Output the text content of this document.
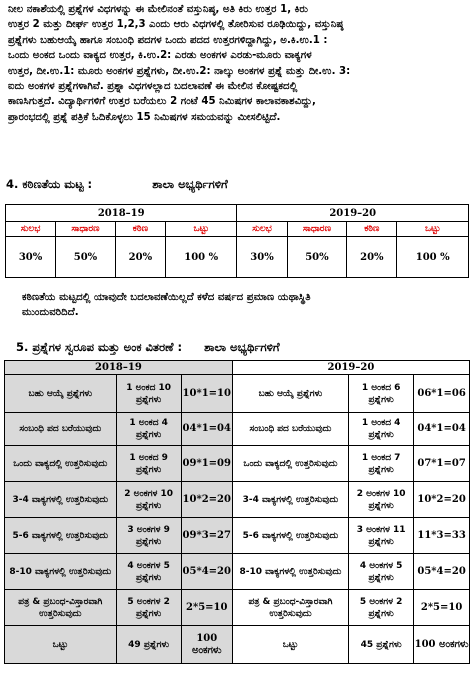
ನೀಲ ನಕಾಶೆಯಲ್ಲಿ ಪ್ರಶ್ನೆಗಳ ವಿಧಗಳನ್ನು ಈ ಮೇಲಿನಂತೆ ವಸ್ತುನಿಷ್ಠ, ಅತಿ ಕಿರು ಉತ್ತರ 1, ಕಿರು
ಉತ್ತರ 2 ಮತ್ತು ದೀರ್ಘ ಉತ್ತರ 1,2,3 ಎಂದು ಆರು ವಿಧಗಳಲ್ಲಿ ತೋರಿಸುವ ರೂಢಿಯಿದ್ದು, ವಸ್ತುನಿಷ್ಠ
ಪ್ರಶ್ನೆಗಳು ಬಹುಆಯ್ಕೆ ಹಾಗೂ ಸಂಬಂಧಿ ಪದಗಳ ಒಂದು ಪದದ ಉತ್ತರಗಳಿದ್ದಾಗಿದ್ದು, ಅ.ಕಿ.ಉ.1 :
ಒಂದು ಅಂಕದ ಒಂದು ವಾಕ್ಯದ ಉತ್ತರ, ಕಿ.ಉ.2: ಎರಡು ಅಂಕಗಳ ಎರಡು-ಮೂರು ವಾಕ್ಯಗಳ
ಉತ್ತರ, ದೀ.ಉ.1: ಮೂರು ಅಂಕಗಳ ಪ್ರಶ್ನೆಗಳು, ದೀ.ಉ.2: ನಾಲ್ಕು ಅಂಕಗಳ ಪ್ರಶ್ನೆ ಮತ್ತು ದೀ.ಉ. 3:
ಐದು ಅಂಕಗಳ ಪ್ರಶ್ನೆಗಳಾಗಿವೆ. ಪ್ರಶ್ನಾ ವಿಧಗಳಲ್ಲಾದ ಬದಲಾವಣೆ ಈ ಮೇಲಿನ ಕೋಷ್ಟಕದಲ್ಲಿ
ಕಾಣಸಿಗುತ್ತದೆ. ವಿದ್ಯಾರ್ಥಿಗಳಿಗೆ ಉತ್ತರ ಬರೆಯಲು 2 ಗಂಟೆ 45 ನಿಮಿಷಗಳ ಕಾಲಾವಕಾಶವಿದ್ದು,
ಪ್ರಾರಂಭದಲ್ಲಿ ಪ್ರಶ್ನೆ ಪತ್ರಿಕೆ ಓದಿಕೊಳ್ಳಲು 15 ನಿಮಿಷಗಳ ಸಮಯವನ್ನು ಮೀಸಲಿಟ್ಟಿದೆ.
4. ಕಠಿಣತೆಯ ಮಟ್ಟ :	ಶಾಲಾ ಅಭ್ಯರ್ಥಿಗಳಿಗೆ
2018–19				2019–20			
ಸುಲಭ	ಸಾಧಾರಣ	ಕಠಿಣ	ಒಟ್ಟು	ಸುಲಭ	ಸಾಧಾರಣ	ಕಠಿಣ	ಒಟ್ಟು
30%	50%	20%	100 %	30%	50%	20%	100 %
ಕಠಿಣತೆಯ ಮಟ್ಟದಲ್ಲಿ ಯಾವುದೇ ಬದಲಾವಣೆಯಿಲ್ಲದೆ ಕಳೆದ ವರ್ಷದ ಪ್ರಮಾಣ ಯಥಾಸ್ಥಿತಿ
ಮುಂದುವರಿದಿದೆ.
5. ಪ್ರಶ್ನೆಗಳ ಸ್ವರೂಪ ಮತ್ತು ಅಂಕ ವಿತರಣೆ : ಶಾಲಾ ಅಭ್ಯರ್ಥಿಗಳಿಗೆ
2018–19			2019–20		
ಬಹು ಆಯ್ಕೆ ಪ್ರಶ್ನೆಗಳು	1 ಅಂಕದ 10 ಪ್ರಶ್ನೆಗಳು	10*1=10	ಬಹು ಆಯ್ಕೆ ಪ್ರಶ್ನೆಗಳು	1 ಅಂಕದ 6 ಪ್ರಶ್ನೆಗಳು	06*1=06
ಸಂಬಂಧಿ ಪದ ಬರೆಯುವುದು	1 ಅಂಕದ 4 ಪ್ರಶ್ನೆಗಳು	04*1=04	ಸಂಬಂಧಿ ಪದ ಬರೆಯುವುದು	1 ಅಂಕದ 4 ಪ್ರಶ್ನೆಗಳು	04*1=04
ಒಂದು ವಾಕ್ಯದಲ್ಲಿ ಉತ್ತರಿಸುವುದು	1 ಅಂಕದ 9 ಪ್ರಶ್ನೆಗಳು	09*1=09	ಒಂದು ವಾಕ್ಯದಲ್ಲಿ ಉತ್ತರಿಸುವುದು	1 ಅಂಕದ 7 ಪ್ರಶ್ನೆಗಳು	07*1=07
3-4 ವಾಕ್ಯಗಳಲ್ಲಿ ಉತ್ತರಿಸುವುದು	2 ಅಂಕಗಳ 10 ಪ್ರಶ್ನೆಗಳು	10*2=20	3-4 ವಾಕ್ಯಗಳಲ್ಲಿ ಉತ್ತರಿಸುವುದು	2 ಅಂಕಗಳ 10 ಪ್ರಶ್ನೆಗಳು	10*2=20
5-6 ವಾಕ್ಯಗಳಲ್ಲಿ ಉತ್ತರಿಸುವುದು	3 ಅಂಕಗಳ 9 ಪ್ರಶ್ನೆಗಳು	09*3=27	5-6 ವಾಕ್ಯಗಳಲ್ಲಿ ಉತ್ತರಿಸುವುದು	3 ಅಂಕಗಳ 11 ಪ್ರಶ್ನೆಗಳು	11*3=33
8-10 ವಾಕ್ಯಗಳಲ್ಲಿ ಉತ್ತರಿಸುವುದು	4 ಅಂಕಗಳ 5 ಪ್ರಶ್ನೆಗಳು	05*4=20	8-10 ವಾಕ್ಯಗಳಲ್ಲಿ ಉತ್ತರಿಸುವುದು	4 ಅಂಕಗಳ 5 ಪ್ರಶ್ನೆಗಳು	05*4=20
ಪತ್ರ & ಪ್ರಬಂಧ-ವಿಸ್ತಾರವಾಗಿ ಉತ್ತರಿಸುವುದು	5 ಅಂಕಗಳ 2 ಪ್ರಶ್ನೆಗಳು	2*5=10	ಪತ್ರ & ಪ್ರಬಂಧ-ವಿಸ್ತಾರವಾಗಿ ಉತ್ತರಿಸುವುದು	5 ಅಂಕಗಳ 2 ಪ್ರಶ್ನೆಗಳು	2*5=10
ಒಟ್ಟು	49 ಪ್ರಶ್ನೆಗಳು	100 ಅಂಕಗಳು	ಒಟ್ಟು	45 ಪ್ರಶ್ನೆಗಳು	100 ಅಂಕಗಳು
